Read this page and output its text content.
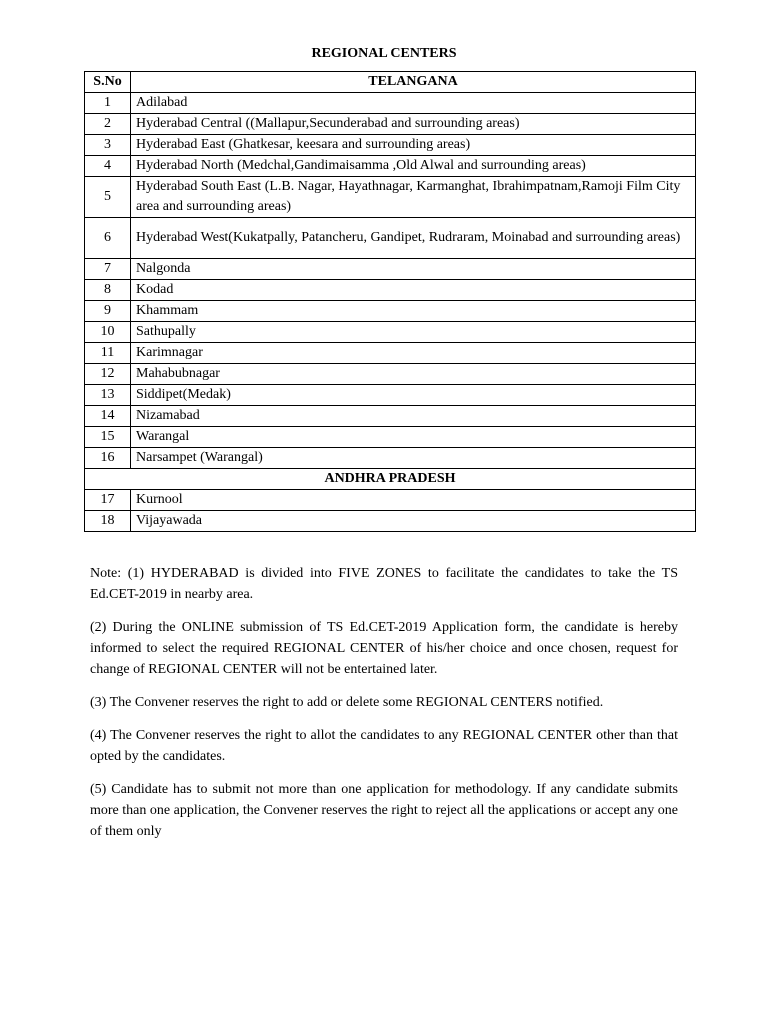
REGIONAL CENTERS
S.No	TELANGANA
1	Adilabad
2	Hyderabad Central ((Mallapur,Secunderabad and surrounding areas)
3	Hyderabad East (Ghatkesar, keesara and surrounding areas)
4	Hyderabad North (Medchal,Gandimaisamma ,Old Alwal and surrounding areas)
5	Hyderabad South East (L.B. Nagar, Hayathnagar, Karmanghat, Ibrahimpatnam,Ramoji Film City area and surrounding areas)
6	Hyderabad West(Kukatpally, Patancheru, Gandipet, Rudraram, Moinabad and surrounding areas)
7	Nalgonda
8	Kodad
9	Khammam
10	Sathupally
11	Karimnagar
12	Mahabubnagar
13	Siddipet(Medak)
14	Nizamabad
15	Warangal
16	Narsampet (Warangal)
ANDHRA PRADESH	
17	Kurnool
18	Vijayawada

Note: (1) HYDERABAD is divided into FIVE ZONES to facilitate the candidates to take the TS Ed.CET-2019 in nearby area.

(2) During the ONLINE submission of TS Ed.CET-2019 Application form, the candidate is hereby informed to select the required REGIONAL CENTER of his/her choice and once chosen, request for change of REGIONAL CENTER will not be entertained later.

(3) The Convener reserves the right to add or delete some REGIONAL CENTERS notified.

(4) The Convener reserves the right to allot the candidates to any REGIONAL CENTER other than that opted by the candidates.

(5) Candidate has to submit not more than one application for methodology. If any candidate submits more than one application, the Convener reserves the right to reject all the applications or accept any one of them only
